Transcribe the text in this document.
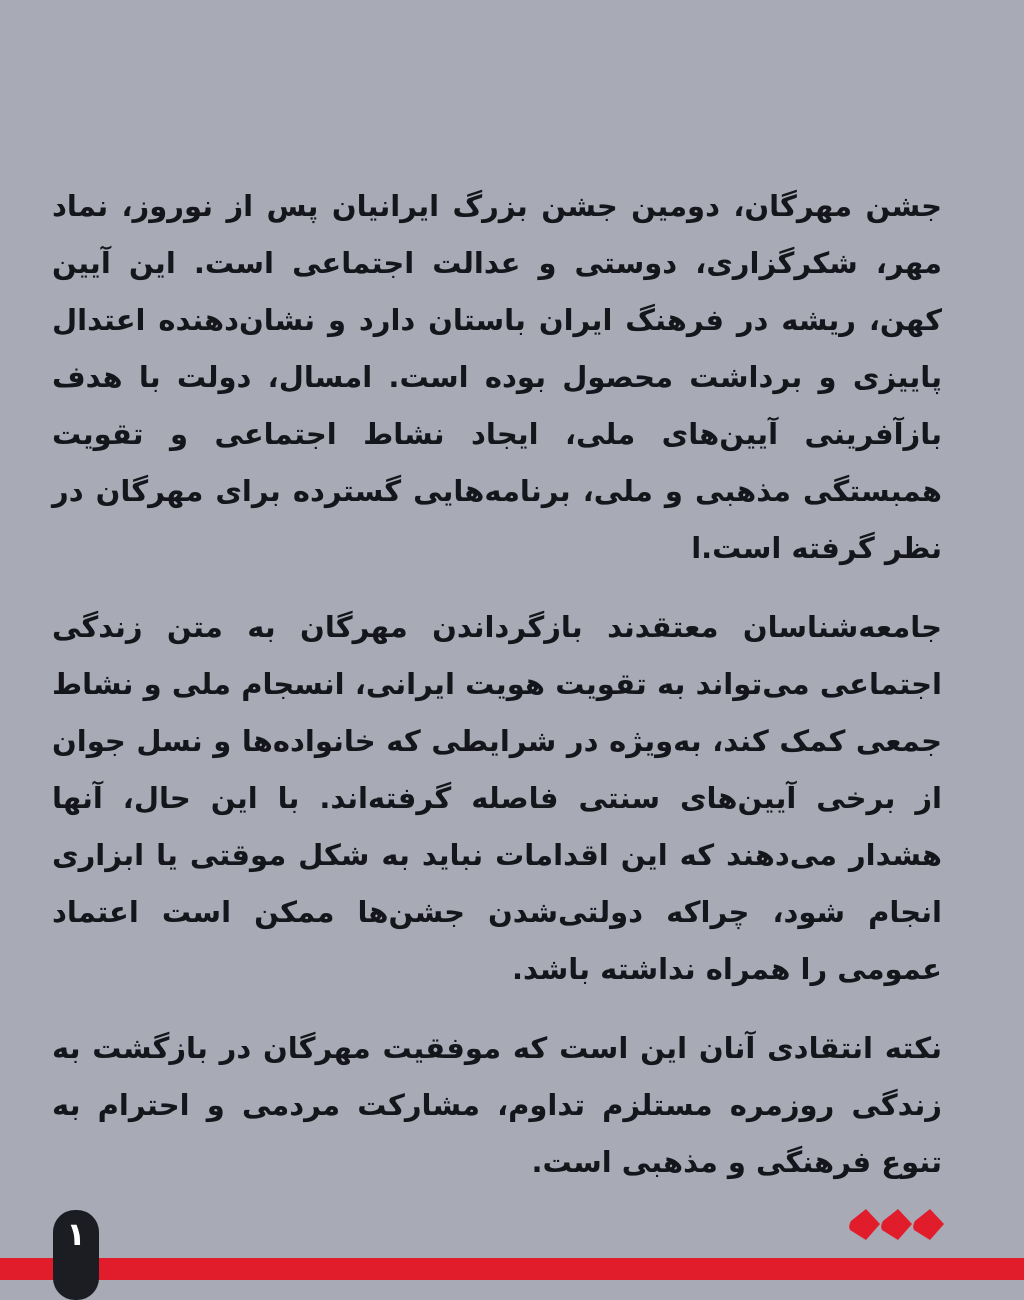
جشن مهرگان، دومین جشن بزرگ ایرانیان پس از نوروز، نماد مهر، شکرگزاری، دوستی و عدالت اجتماعی است. این آیین کهن، ریشه در فرهنگ ایران باستان دارد و نشان‌دهنده اعتدال پاییزی و برداشت محصول بوده است. امسال، دولت با هدف بازآفرینی آیین‌های ملی، ایجاد نشاط اجتماعی و تقویت همبستگی مذهبی و ملی، برنامه‌هایی گسترده برای مهرگان در نظر گرفته است.ا

جامعه‌شناسان معتقدند بازگرداندن مهرگان به متن زندگی اجتماعی می‌تواند به تقویت هویت ایرانی، انسجام ملی و نشاط جمعی کمک کند، به‌ویژه در شرایطی که خانواده‌ها و نسل جوان از برخی آیین‌های سنتی فاصله گرفته‌اند. با این حال، آنها هشدار می‌دهند که این اقدامات نباید به شکل موقتی یا ابزاری انجام شود، چراکه دولتی‌شدن جشن‌ها ممکن است اعتماد عمومی را همراه نداشته باشد.

نکته انتقادی آنان این است که موفقیت مهرگان در بازگشت به زندگی روزمره مستلزم تداوم، مشارکت مردمی و احترام به تنوع فرهنگی و مذهبی است.

۱
